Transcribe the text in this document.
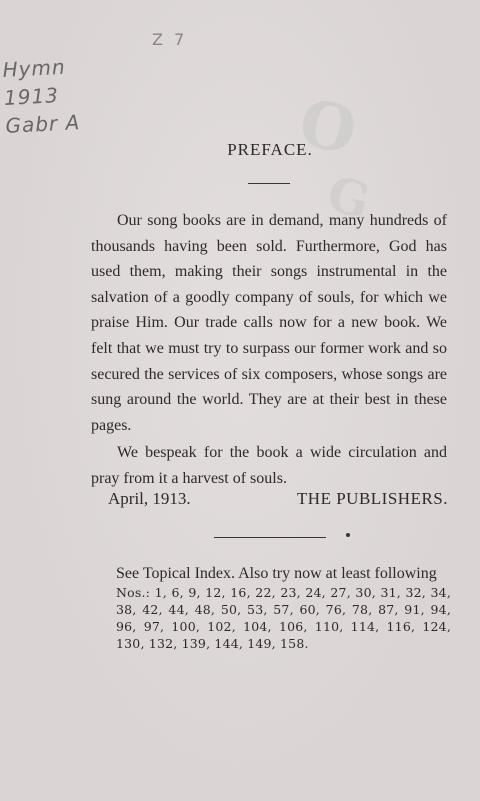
O
G
Z 7
Hymn
1913
Gabr A
PREFACE.

Our song books are in demand, many hundreds of thousands having been sold. Furthermore, God has used them, making their songs instrumental in the salvation of a goodly company of souls, for which we praise Him. Our trade calls now for a new book. We felt that we must try to surpass our former work and so secured the services of six composers, whose songs are sung around the world. They are at their best in these pages.

We bespeak for the book a wide circulation and pray from it a harvest of souls.

April, 1913.	THE PUBLISHERS.
See Topical Index. Also try now at least following
Nos.: 1, 6, 9, 12, 16, 22, 23, 24, 27, 30, 31, 32, 34, 38, 42, 44, 48, 50, 53, 57, 60, 76, 78, 87, 91, 94, 96, 97, 100, 102, 104, 106, 110, 114, 116, 124, 130, 132, 139, 144, 149, 158.
